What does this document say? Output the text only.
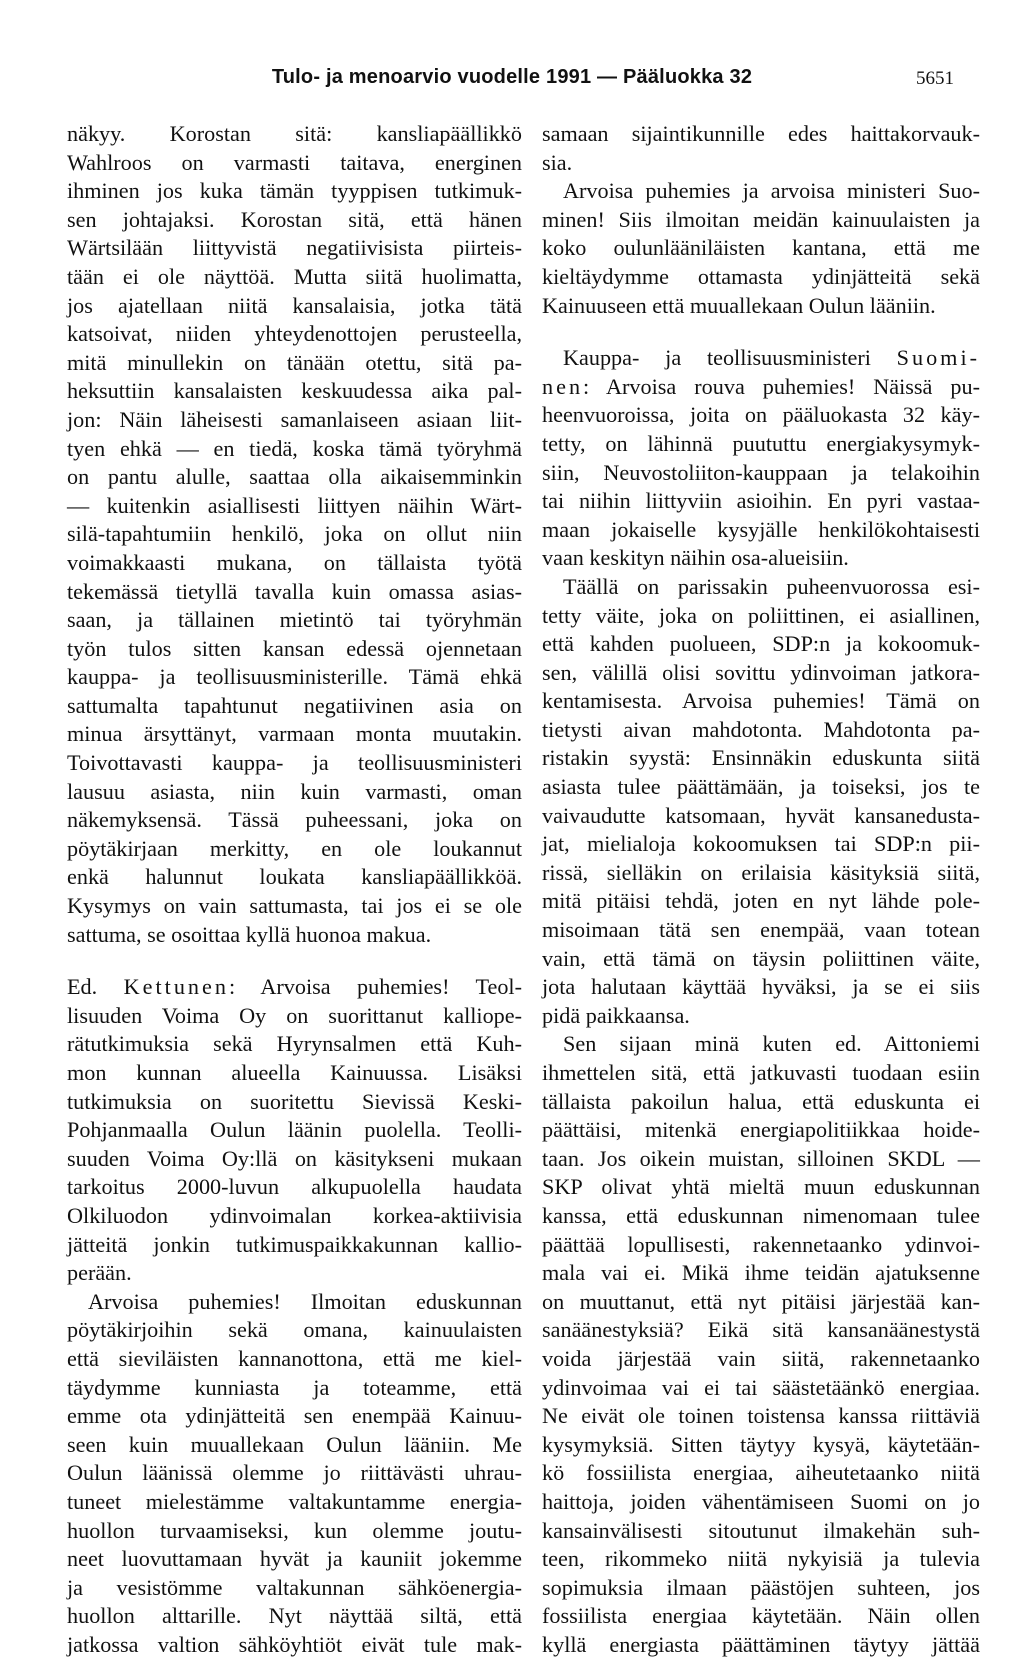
Tulo- ja menoarvio vuodelle 1991 — Pääluokka 32	5651
näkyy. Korostan sitä: kansliapäällikkö
Wahlroos on varmasti taitava, energinen
ihminen jos kuka tämän tyyppisen tutkimuk-
sen johtajaksi. Korostan sitä, että hänen
Wärtsilään liittyvistä negatiivisista piirteis-
tään ei ole näyttöä. Mutta siitä huolimatta,
jos ajatellaan niitä kansalaisia, jotka tätä
katsoivat, niiden yhteydenottojen perusteella,
mitä minullekin on tänään otettu, sitä pa-
heksuttiin kansalaisten keskuudessa aika pal-
jon: Näin läheisesti samanlaiseen asiaan liit-
tyen ehkä — en tiedä, koska tämä työryhmä
on pantu alulle, saattaa olla aikaisemminkin
— kuitenkin asiallisesti liittyen näihin Wärt-
silä-tapahtumiin henkilö, joka on ollut niin
voimakkaasti mukana, on tällaista työtä
tekemässä tietyllä tavalla kuin omassa asias-
saan, ja tällainen mietintö tai työryhmän
työn tulos sitten kansan edessä ojennetaan
kauppa- ja teollisuusministerille. Tämä ehkä
sattumalta tapahtunut negatiivinen asia on
minua ärsyttänyt, varmaan monta muutakin.
Toivottavasti kauppa- ja teollisuusministeri
lausuu asiasta, niin kuin varmasti, oman
näkemyksensä. Tässä puheessani, joka on
pöytäkirjaan merkitty, en ole loukannut
enkä halunnut loukata kansliapäällikköä.
Kysymys on vain sattumasta, tai jos ei se ole
sattuma, se osoittaa kyllä huonoa makua.
Ed. Kettunen: Arvoisa puhemies! Teol-
lisuuden Voima Oy on suorittanut kalliope-
rätutkimuksia sekä Hyrynsalmen että Kuh-
mon kunnan alueella Kainuussa. Lisäksi
tutkimuksia on suoritettu Sievissä Keski-
Pohjanmaalla Oulun läänin puolella. Teolli-
suuden Voima Oy:llä on käsitykseni mukaan
tarkoitus 2000-luvun alkupuolella haudata
Olkiluodon ydinvoimalan korkea-aktiivisia
jätteitä jonkin tutkimuspaikkakunnan kallio-
perään.
Arvoisa puhemies! Ilmoitan eduskunnan
pöytäkirjoihin sekä omana, kainuulaisten
että sieviläisten kannanottona, että me kiel-
täydymme kunniasta ja toteamme, että
emme ota ydinjätteitä sen enempää Kainuu-
seen kuin muuallekaan Oulun lääniin. Me
Oulun läänissä olemme jo riittävästi uhrau-
tuneet mielestämme valtakuntamme energia-
huollon turvaamiseksi, kun olemme joutu-
neet luovuttamaan hyvät ja kauniit jokemme
ja vesistömme valtakunnan sähköenergia-
huollon alttarille. Nyt näyttää siltä, että
jatkossa valtion sähköyhtiöt eivät tule mak-
samaan sijaintikunnille edes haittakorvauk-
sia.
Arvoisa puhemies ja arvoisa ministeri Suo-
minen! Siis ilmoitan meidän kainuulaisten ja
koko oulunlääniläisten kantana, että me
kieltäydymme ottamasta ydinjätteitä sekä
Kainuuseen että muuallekaan Oulun lääniin.
Kauppa- ja teollisuusministeri Suomi-
nen: Arvoisa rouva puhemies! Näissä pu-
heenvuoroissa, joita on pääluokasta 32 käy-
tetty, on lähinnä puututtu energiakysymyk-
siin, Neuvostoliiton-kauppaan ja telakoihin
tai niihin liittyviin asioihin. En pyri vastaa-
maan jokaiselle kysyjälle henkilökohtaisesti
vaan keskityn näihin osa-alueisiin.
Täällä on parissakin puheenvuorossa esi-
tetty väite, joka on poliittinen, ei asiallinen,
että kahden puolueen, SDP:n ja kokoomuk-
sen, välillä olisi sovittu ydinvoiman jatkora-
kentamisesta. Arvoisa puhemies! Tämä on
tietysti aivan mahdotonta. Mahdotonta pa-
ristakin syystä: Ensinnäkin eduskunta siitä
asiasta tulee päättämään, ja toiseksi, jos te
vaivaudutte katsomaan, hyvät kansanedusta-
jat, mielialoja kokoomuksen tai SDP:n pii-
rissä, sielläkin on erilaisia käsityksiä siitä,
mitä pitäisi tehdä, joten en nyt lähde pole-
misoimaan tätä sen enempää, vaan totean
vain, että tämä on täysin poliittinen väite,
jota halutaan käyttää hyväksi, ja se ei siis
pidä paikkaansa.
Sen sijaan minä kuten ed. Aittoniemi
ihmettelen sitä, että jatkuvasti tuodaan esiin
tällaista pakoilun halua, että eduskunta ei
päättäisi, mitenkä energiapolitiikkaa hoide-
taan. Jos oikein muistan, silloinen SKDL —
SKP olivat yhtä mieltä muun eduskunnan
kanssa, että eduskunnan nimenomaan tulee
päättää lopullisesti, rakennetaanko ydinvoi-
mala vai ei. Mikä ihme teidän ajatuksenne
on muuttanut, että nyt pitäisi järjestää kan-
sanäänestyksiä? Eikä sitä kansanäänestystä
voida järjestää vain siitä, rakennetaanko
ydinvoimaa vai ei tai säästetäänkö energiaa.
Ne eivät ole toinen toistensa kanssa riittäviä
kysymyksiä. Sitten täytyy kysyä, käytetään-
kö fossiilista energiaa, aiheutetaanko niitä
haittoja, joiden vähentämiseen Suomi on jo
kansainvälisesti sitoutunut ilmakehän suh-
teen, rikommeko niitä nykyisiä ja tulevia
sopimuksia ilmaan päästöjen suhteen, jos
fossiilista energiaa käytetään. Näin ollen
kyllä energiasta päättäminen täytyy jättää
